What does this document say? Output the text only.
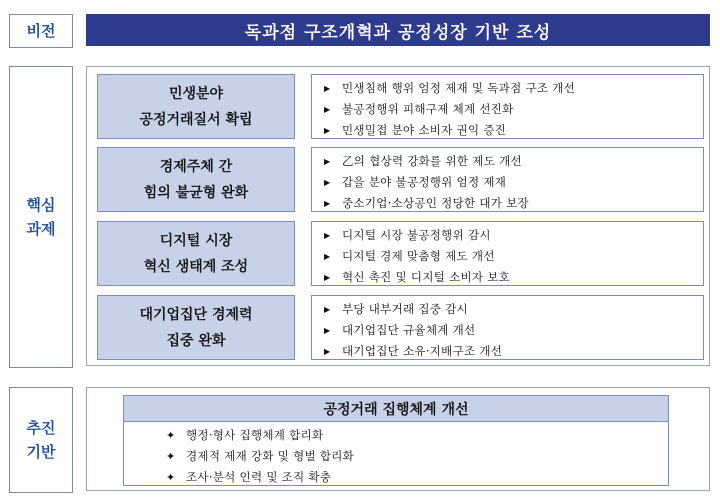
비전	독과점 구조개혁과 공정성장 기반 조성
핵심
과제
민생분야
공정거래질서 확립
▶ 민생침해 행위 엄정 제재 및 독과점 구조 개선
▶ 불공정행위 피해구제 체계 선진화
▶ 민생밀접 분야 소비자 권익 증진
경제주체 간
힘의 불균형 완화
▶ 乙의 협상력 강화를 위한 제도 개선
▶ 갑을 분야 불공정행위 엄정 제재
▶ 중소기업·소상공인 정당한 대가 보장
디지털 시장
혁신 생태계 조성
▶ 디지털 시장 불공정행위 감시
▶ 디지털 경제 맞춤형 제도 개선
▶ 혁신 촉진 및 디지털 소비자 보호
대기업집단 경제력
집중 완화
▶ 부당 내부거래 집중 감시
▶ 대기업집단 규율체계 개선
▶ 대기업집단 소유·지배구조 개선
추진
기반
공정거래 집행체계 개선
✦ 행정·형사 집행체계 합리화
✦ 경제적 제재 강화 및 형벌 합리화
✦ 조사·분석 인력 및 조직 확충
